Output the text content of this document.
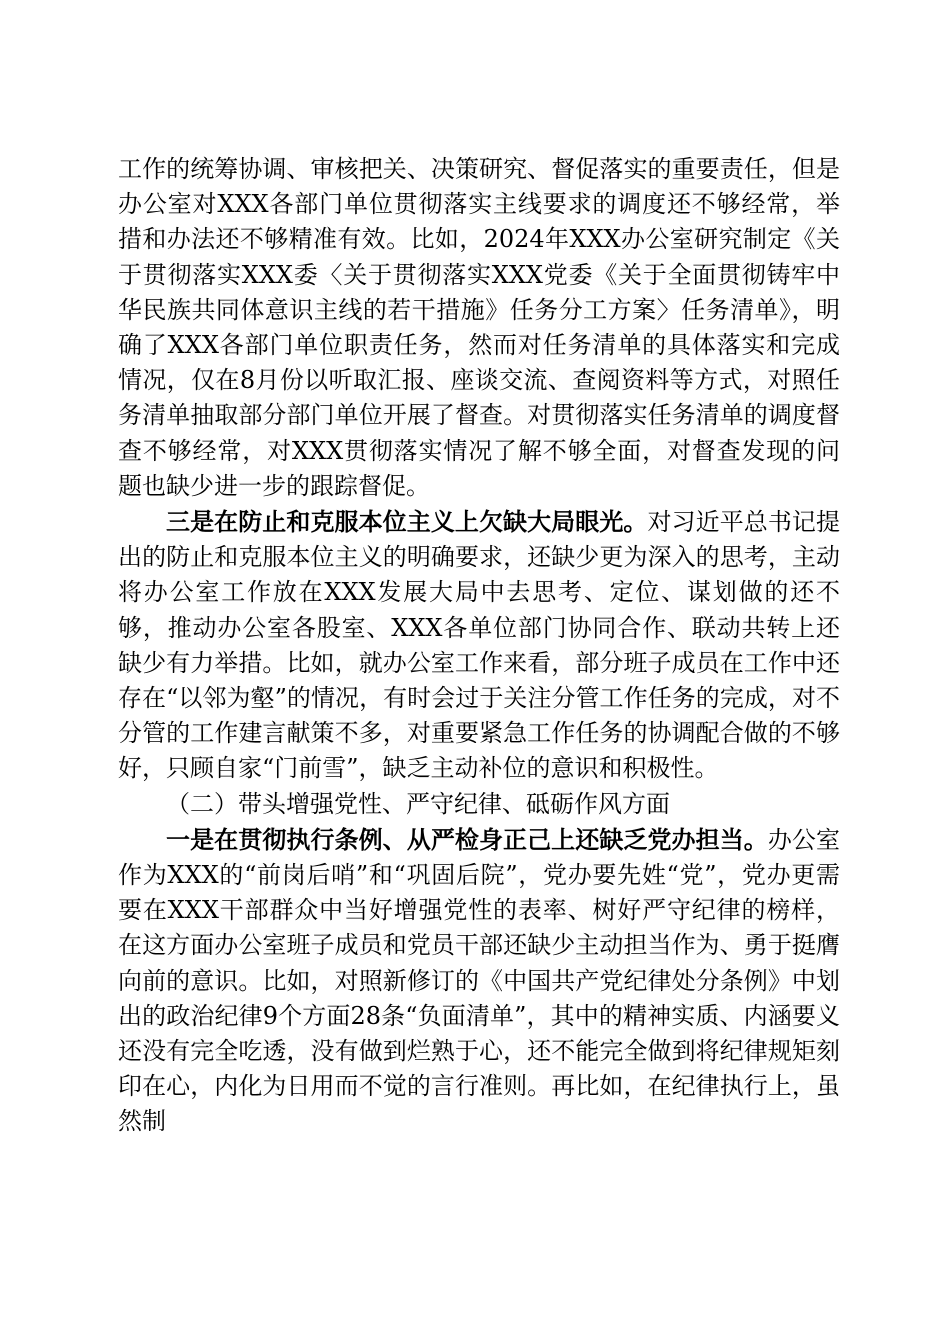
工作的统筹协调、审核把关、决策研究、督促落实的重要责任，但是办公室对XXX各部门单位贯彻落实主线要求的调度还不够经常，举措和办法还不够精准有效。比如，2024年XXX办公室研究制定《关于贯彻落实XXX委〈关于贯彻落实XXX党委《关于全面贯彻铸牢中华民族共同体意识主线的若干措施》任务分工方案〉任务清单》，明确了XXX各部门单位职责任务，然而对任务清单的具体落实和完成情况，仅在8月份以听取汇报、座谈交流、查阅资料等方式，对照任务清单抽取部分部门单位开展了督查。对贯彻落实任务清单的调度督查不够经常，对XXX贯彻落实情况了解不够全面，对督查发现的问题也缺少进一步的跟踪督促。

三是在防止和克服本位主义上欠缺大局眼光。对习近平总书记提出的防止和克服本位主义的明确要求，还缺少更为深入的思考，主动将办公室工作放在XXX发展大局中去思考、定位、谋划做的还不够，推动办公室各股室、XXX各单位部门协同合作、联动共转上还缺少有力举措。比如，就办公室工作来看，部分班子成员在工作中还存在“以邻为壑”的情况，有时会过于关注分管工作任务的完成，对不分管的工作建言献策不多，对重要紧急工作任务的协调配合做的不够好，只顾自家“门前雪”，缺乏主动补位的意识和积极性。

（二）带头增强党性、严守纪律、砥砺作风方面

一是在贯彻执行条例、从严检身正己上还缺乏党办担当。办公室作为XXX的“前岗后哨”和“巩固后院”，党办要先姓“党”，党办更需要在XXX干部群众中当好增强党性的表率、树好严守纪律的榜样，在这方面办公室班子成员和党员干部还缺少主动担当作为、勇于挺膺向前的意识。比如，对照新修订的《中国共产党纪律处分条例》中划出的政治纪律9个方面28条“负面清单”，其中的精神实质、内涵要义还没有完全吃透，没有做到烂熟于心，还不能完全做到将纪律规矩刻印在心，内化为日用而不觉的言行准则。再比如，在纪律执行上，虽然制
